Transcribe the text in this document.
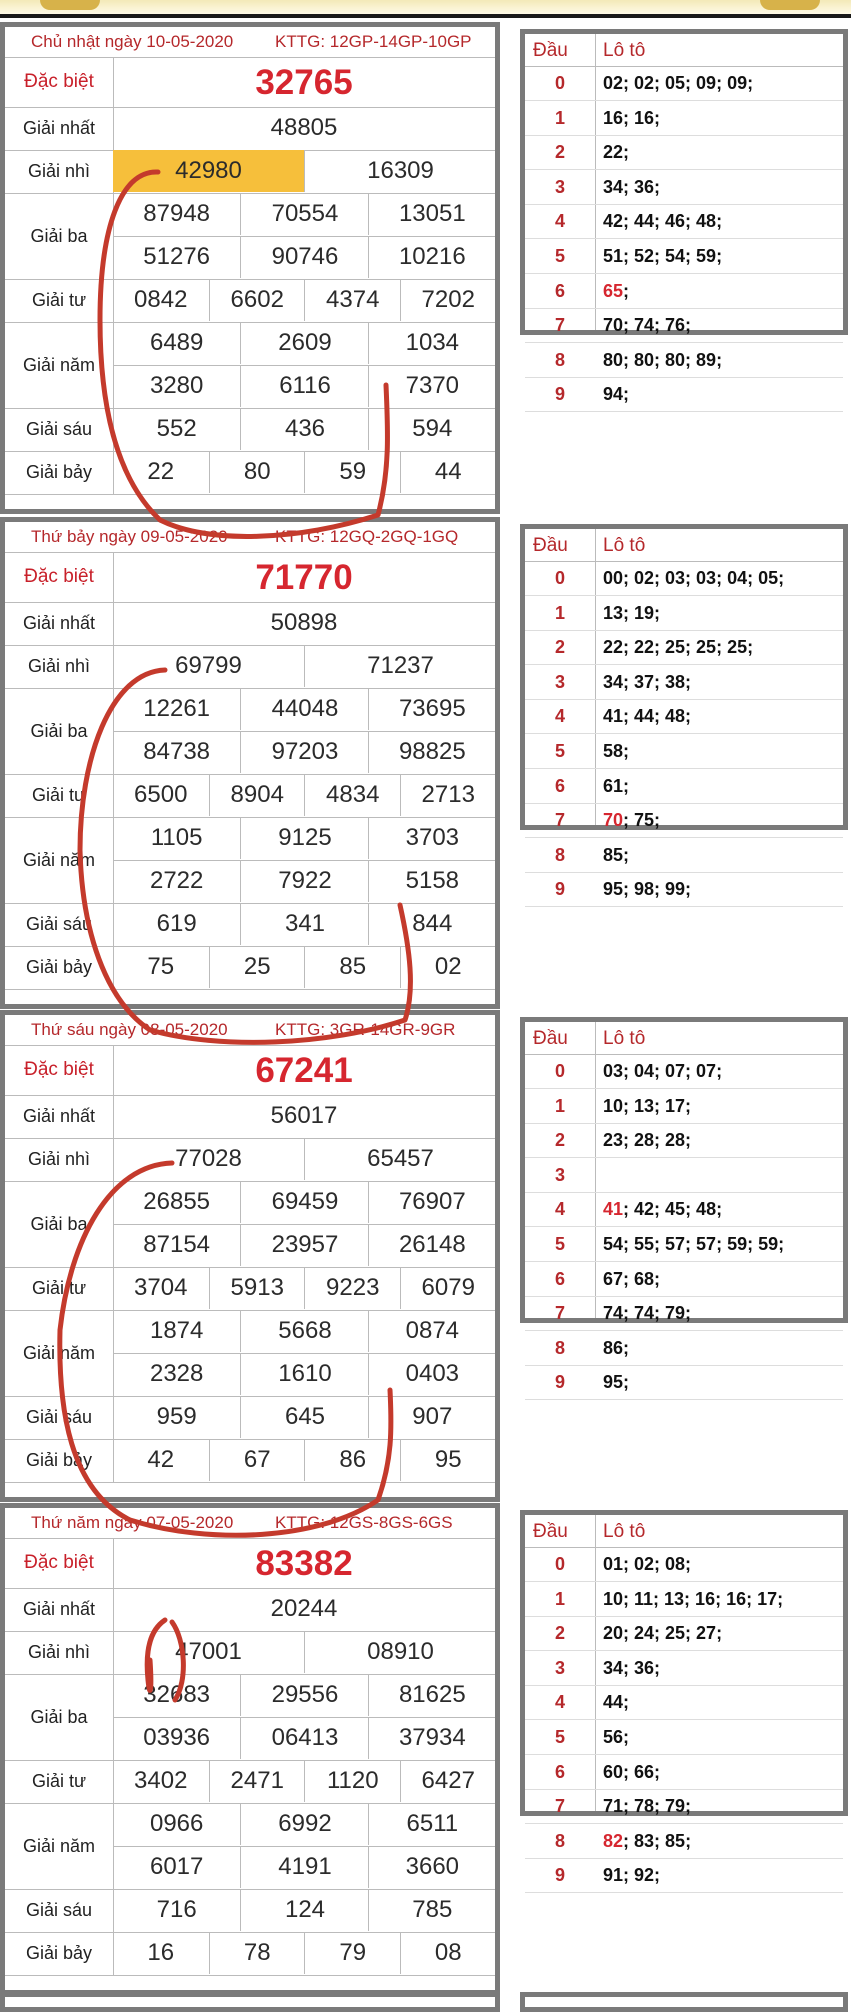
Chủ nhật ngày 10-05-2020 KTTG: 12GP-14GP-10GP
Đặc biệt	32765
Giải nhất	48805
Giải nhì	42980	16309
Giải ba
87948	70554	13051
51276	90746	10216
Giải tư	0842	6602	4374	7202
Giải năm
6489	2609	1034
3280	6116	7370
Giải sáu	552	436	594
Giải bảy	22	80	59	44
Đầu Lô tô
0	02; 02; 05; 09; 09;
1	16; 16;
2	22;
3	34; 36;
4	42; 44; 46; 48;
5	51; 52; 54; 59;
6	65;
7	70; 74; 76;
8	80; 80; 80; 89;
9	94;
Thứ bảy ngày 09-05-2020	KTTG: 12GQ-2GQ-1GQ
Đặc biệt	71770
Giải nhất	50898
Giải nhì	69799	71237
Giải ba
12261	44048	73695
84738	97203	98825
Giải tư	6500	8904	4834	2713
Giải năm
1105	9125	3703
2722	7922	5158
Giải sáu	619	341	844
Giải bảy	75	25	85	02
Đầu Lô tô
0	00; 02; 03; 03; 04; 05;
1	13; 19;
2	22; 22; 25; 25; 25;
3	34; 37; 38;
4	41; 44; 48;
5	58;
6	61;
7	70; 75;
8	85;
9	95; 98; 99;
Thứ sáu ngày 08-05-2020	KTTG: 3GR-14GR-9GR
Đặc biệt	67241
Giải nhất	56017
Giải nhì	77028	65457
Giải ba
26855	69459	76907
87154	23957	26148
Giải tư	3704	5913	9223	6079
Giải năm
1874	5668	0874
2328	1610	0403
Giải sáu	959	645	907
Giải bảy	42	67	86	95
Đầu Lô tô
0	03; 04; 07; 07;
1	10; 13; 17;
2	23; 28; 28;
3
4	41; 42; 45; 48;
5	54; 55; 57; 57; 59; 59;
6	67; 68;
7	74; 74; 79;
8	86;
9	95;
Thứ năm ngày 07-05-2020 KTTG: 12GS-8GS-6GS
Đặc biệt	83382
Giải nhất	20244
Giải nhì	47001	08910
Giải ba
32683	29556	81625
03936	06413	37934
Giải tư	3402	2471	1120	6427
Giải năm
0966	6992	6511
6017	4191	3660
Giải sáu	716	124	785
Giải bảy	16	78	79	08
Đầu Lô tô
0	01; 02; 08;
1	10; 11; 13; 16; 16; 17;
2	20; 24; 25; 27;
3	34; 36;
4	44;
5	56;
6	60; 66;
7	71; 78; 79;
8	82; 83; 85;
9	91; 92;
